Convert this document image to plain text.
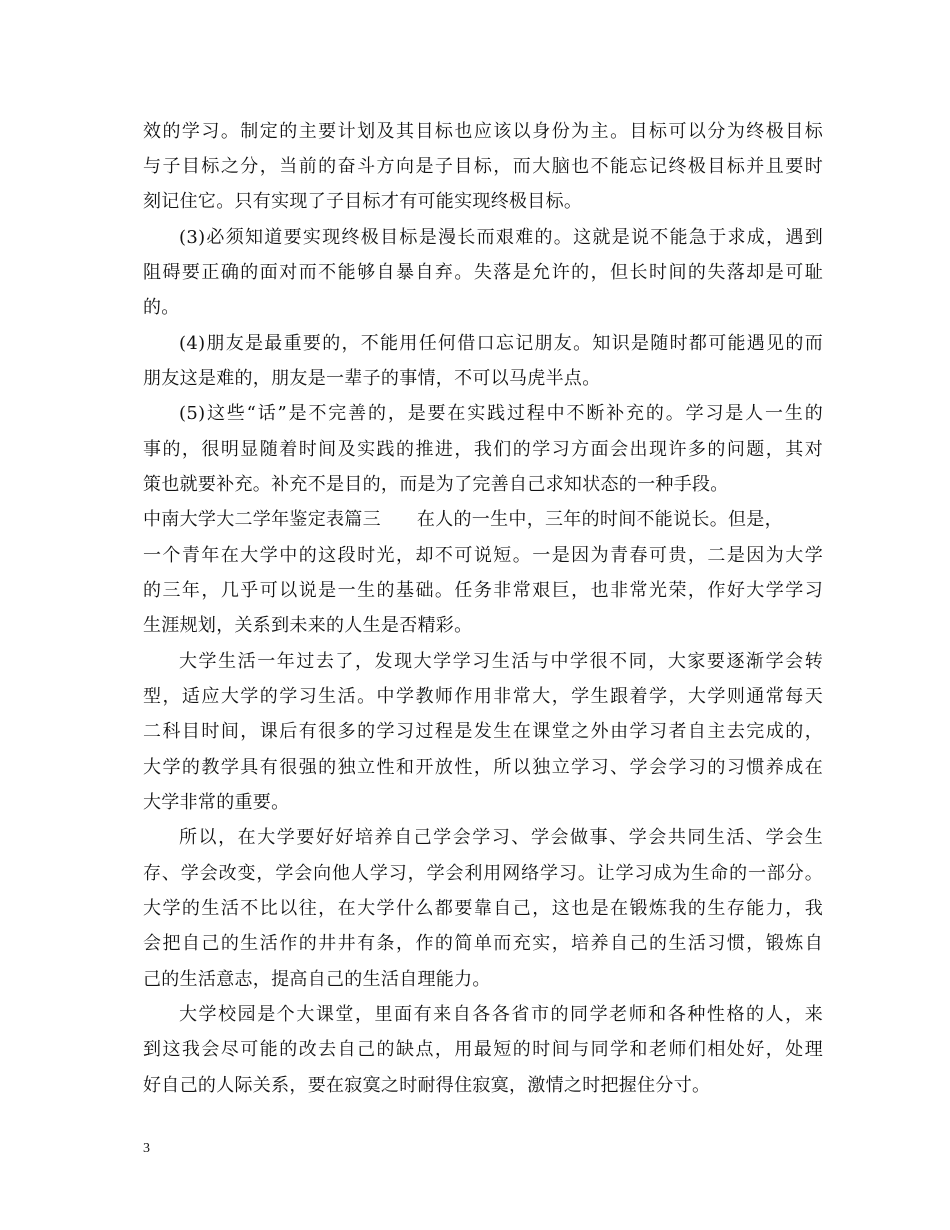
效的学习。制定的主要计划及其目标也应该以身份为主。目标可以分为终极目标
与子目标之分，当前的奋斗方向是子目标，而大脑也不能忘记终极目标并且要时
刻记住它。只有实现了子目标才有可能实现终极目标。
(3)必须知道要实现终极目标是漫长而艰难的。这就是说不能急于求成，遇到
阻碍要正确的面对而不能够自暴自弃。失落是允许的，但长时间的失落却是可耻
的。
(4)朋友是最重要的，不能用任何借口忘记朋友。知识是随时都可能遇见的而
朋友这是难的，朋友是一辈子的事情，不可以马虎半点。
(5)这些“话”是不完善的，是要在实践过程中不断补充的。学习是人一生的
事的，很明显随着时间及实践的推进，我们的学习方面会出现许多的问题，其对
策也就要补充。补充不是目的，而是为了完善自己求知状态的一种手段。
中南大学大二学年鉴定表篇三 在人的一生中，三年的时间不能说长。但是，
一个青年在大学中的这段时光，却不可说短。一是因为青春可贵，二是因为大学
的三年，几乎可以说是一生的基础。任务非常艰巨，也非常光荣，作好大学学习
生涯规划，关系到未来的人生是否精彩。
大学生活一年过去了，发现大学学习生活与中学很不同，大家要逐渐学会转
型，适应大学的学习生活。中学教师作用非常大，学生跟着学，大学则通常每天
二科目时间，课后有很多的学习过程是发生在课堂之外由学习者自主去完成的，
大学的教学具有很强的独立性和开放性，所以独立学习、学会学习的习惯养成在
大学非常的重要。
所以，在大学要好好培养自己学会学习、学会做事、学会共同生活、学会生
存、学会改变，学会向他人学习，学会利用网络学习。让学习成为生命的一部分。
大学的生活不比以往，在大学什么都要靠自己，这也是在锻炼我的生存能力，我
会把自己的生活作的井井有条，作的简单而充实，培养自己的生活习惯，锻炼自
己的生活意志，提高自己的生活自理能力。
大学校园是个大课堂，里面有来自各各省市的同学老师和各种性格的人，来
到这我会尽可能的改去自己的缺点，用最短的时间与同学和老师们相处好，处理
好自己的人际关系，要在寂寞之时耐得住寂寞，激情之时把握住分寸。
3
